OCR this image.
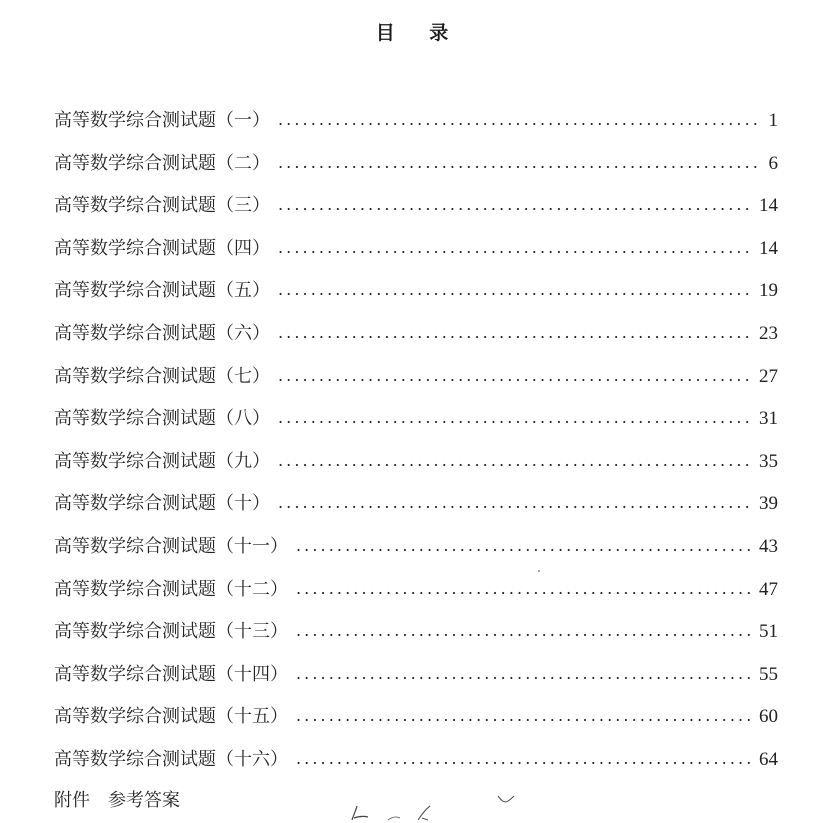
目 录
高等数学综合测试题（一） .....	1
高等数学综合测试题（二） .....	6
高等数学综合测试题（三） .....	14
高等数学综合测试题（四） .....	14
高等数学综合测试题（五） .....	19
高等数学综合测试题（六） .....	23
高等数学综合测试题（七） .....	27
高等数学综合测试题（八） .....	31
高等数学综合测试题（九） .....	35
高等数学综合测试题（十） .....	39
高等数学综合测试题（十一） .....	43
高等数学综合测试题（十二） .....	47
高等数学综合测试题（十三） .....	51
高等数学综合测试题（十四） .....	55
高等数学综合测试题（十五） .....	60
高等数学综合测试题（十六） .....	64
附件 参考答案
